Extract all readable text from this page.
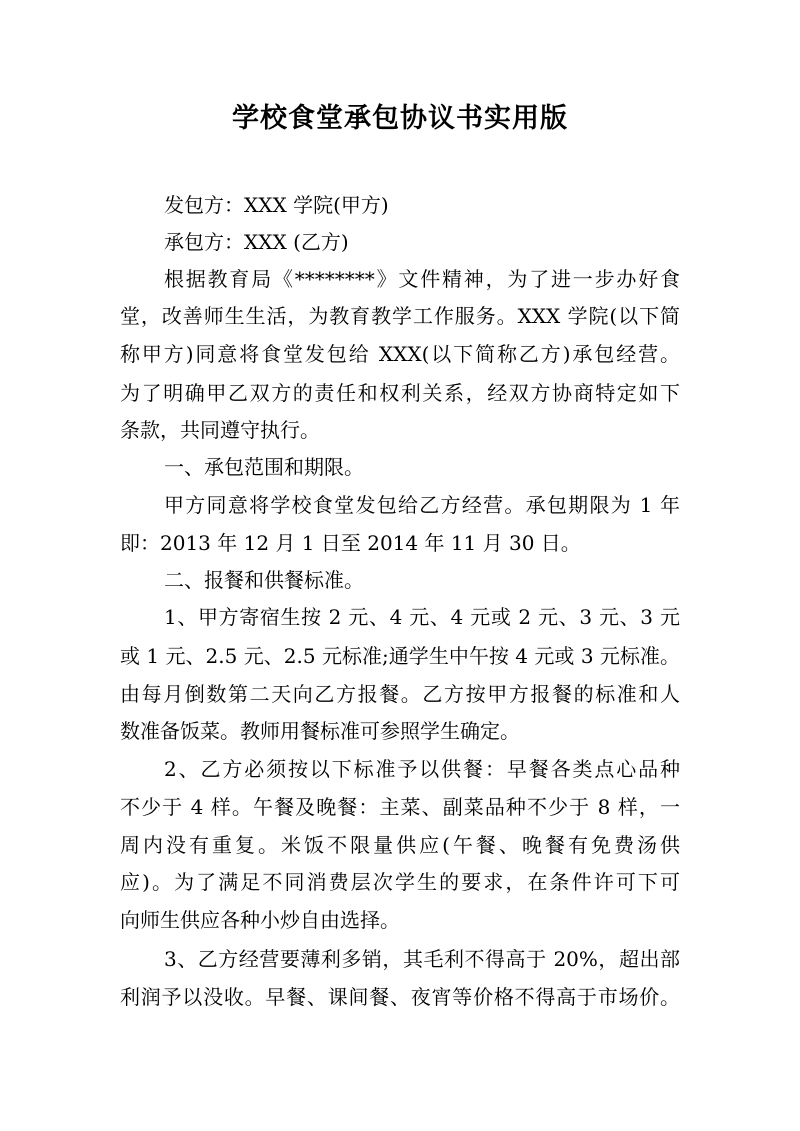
学校食堂承包协议书实用版

发包方：XXX 学院(甲方)

承包方：XXX (乙方)

根据教育局《********》文件精神，为了进一步办好食

堂，改善师生生活，为教育教学工作服务。XXX 学院(以下简

称甲方)同意将食堂发包给 XXX(以下简称乙方)承包经营。

为了明确甲乙双方的责任和权利关系，经双方协商特定如下

条款，共同遵守执行。

一、承包范围和期限。

甲方同意将学校食堂发包给乙方经营。承包期限为 1 年

即：2013 年 12 月 1 日至 2014 年 11 月 30 日。

二、报餐和供餐标准。

1、甲方寄宿生按 2 元、4 元、4 元或 2 元、3 元、3 元

或 1 元、2.5 元、2.5 元标准;通学生中午按 4 元或 3 元标准。

由每月倒数第二天向乙方报餐。乙方按甲方报餐的标准和人

数准备饭菜。教师用餐标准可参照学生确定。

2、乙方必须按以下标准予以供餐：早餐各类点心品种

不少于 4 样。午餐及晚餐：主菜、副菜品种不少于 8 样，一

周内没有重复。米饭不限量供应(午餐、晚餐有免费汤供

应)。为了满足不同消费层次学生的要求，在条件许可下可

向师生供应各种小炒自由选择。

3、乙方经营要薄利多销，其毛利不得高于 20%，超出部

利润予以没收。早餐、课间餐、夜宵等价格不得高于市场价。
